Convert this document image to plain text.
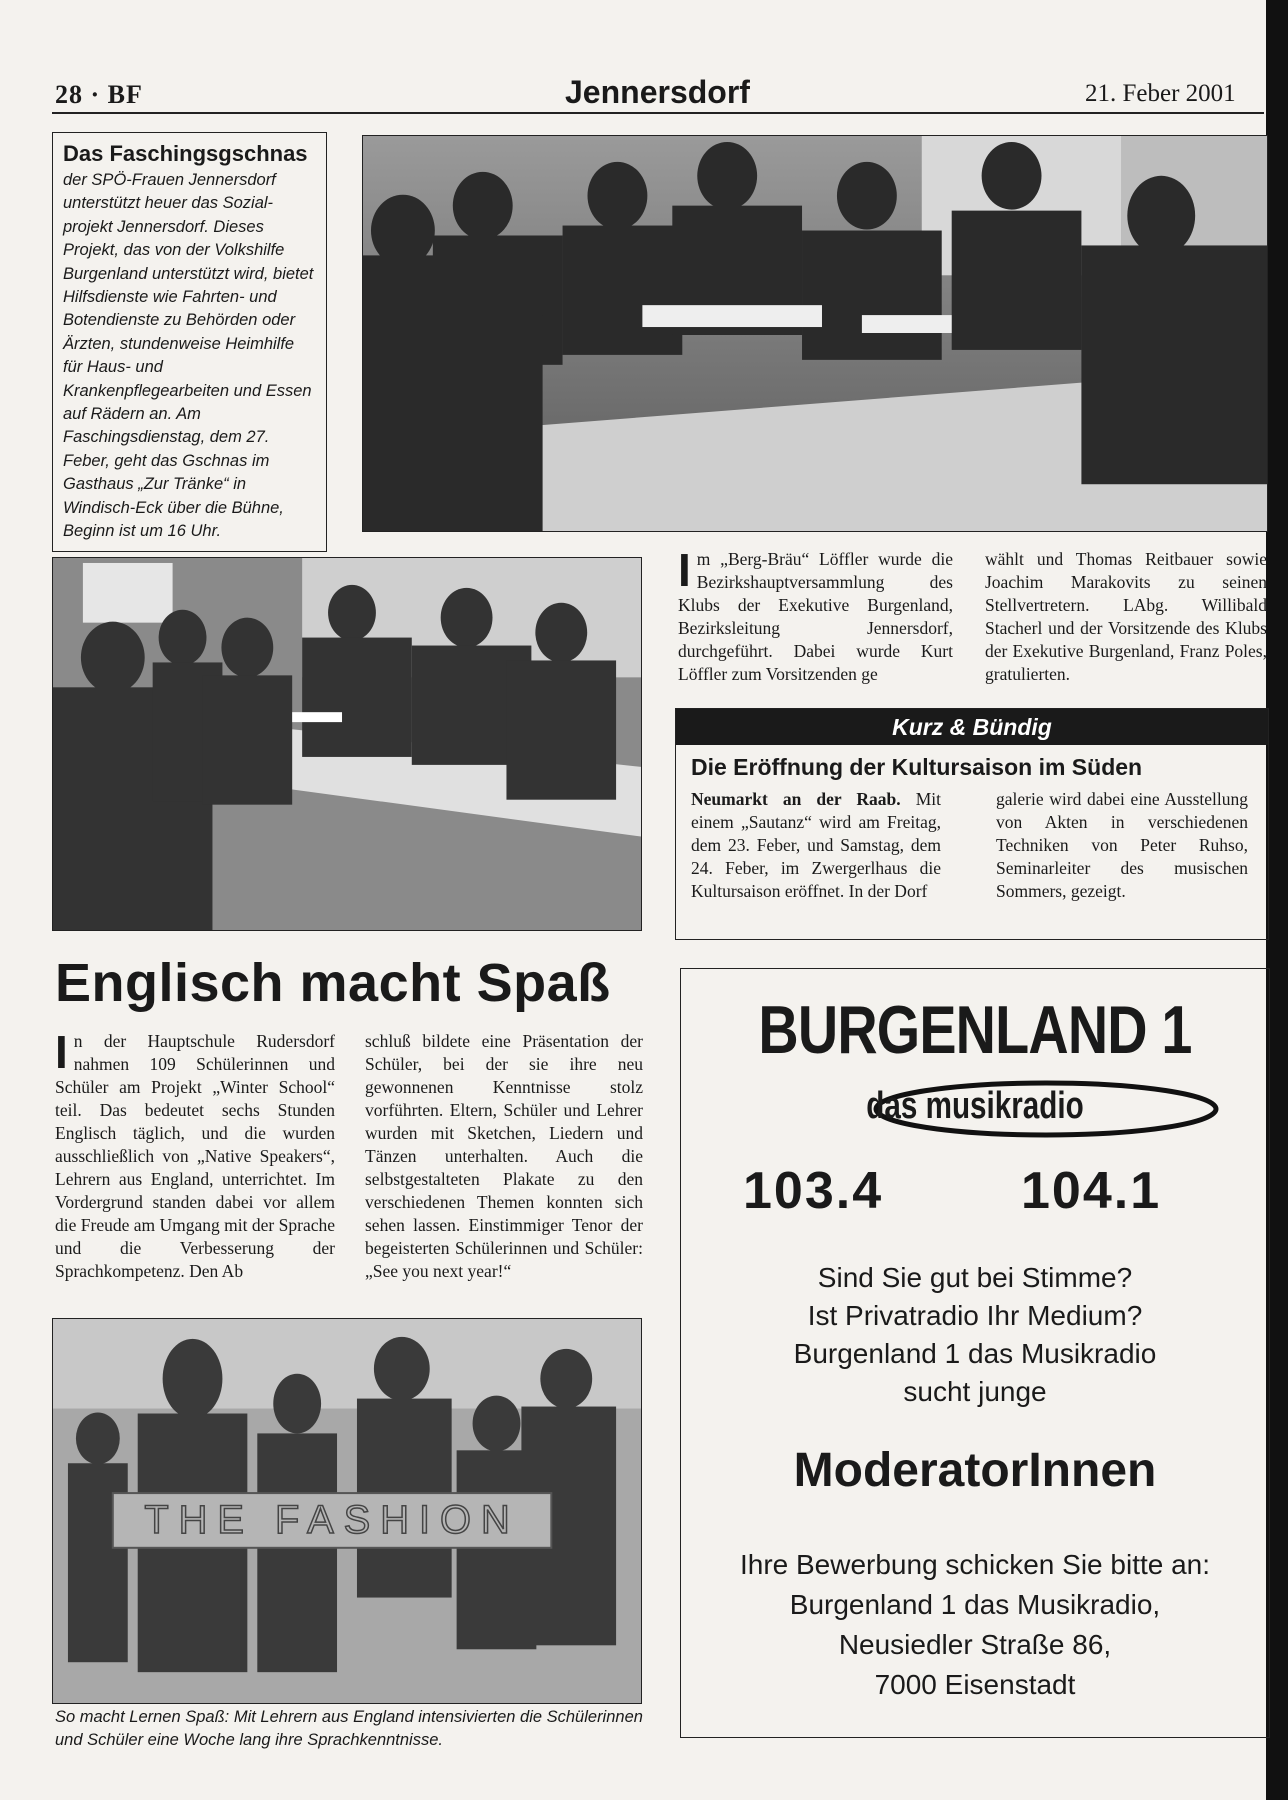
28 · BF	Jennersdorf	21. Feber 2001
Das Faschingsgschnas

der SPÖ-Frauen Jennersdorf unterstützt heuer das Sozialprojekt Jennersdorf. Dieses Projekt, das von der Volkshilfe Burgenland unterstützt wird, bietet Hilfsdienste wie Fahrten- und Botendienste zu Behörden oder Ärzten, stundenweise Heimhilfe für Haus- und Krankenpflegearbeiten und Essen auf Rädern an. Am Faschingsdienstag, dem 27. Feber, geht das Gschnas im Gasthaus „Zur Tränke“ in Windisch-Eck über die Bühne, Beginn ist um 16 Uhr.

Im „Berg-Bräu“ Löffler wurde die Bezirkshauptversammlung des Klubs der Exekutive Burgenland, Bezirksleitung Jennersdorf, durchgeführt. Dabei wurde Kurt Löffler zum Vorsitzenden ge
wählt und Thomas Reitbauer sowie Joachim Marakovits zu seinen Stellvertretern. LAbg. Willibald Stacherl und der Vorsitzende des Klubs der Exekutive Burgenland, Franz Poles, gratulierten.
Kurz & Bündig
Die Eröffnung der Kultursaison im Süden
Neumarkt an der Raab. Mit einem „Sautanz“ wird am Freitag, dem 23. Feber, und Samstag, dem 24. Feber, im Zwergerlhaus die Kultursaison eröffnet. In der Dorf
galerie wird dabei eine Ausstellung von Akten in verschiedenen Techniken von Peter Ruhso, Seminarleiter des musischen Sommers, gezeigt.
Englisch macht Spaß
In der Hauptschule Rudersdorf nahmen 109 Schülerinnen und Schüler am Projekt „Winter School“ teil. Das bedeutet sechs Stunden Englisch täglich, und die wurden ausschließlich von „Native Speakers“, Lehrern aus England, unterrichtet. Im Vordergrund standen dabei vor allem die Freude am Umgang mit der Sprache und die Verbesserung der Sprachkompetenz. Den Ab
schluß bildete eine Präsentation der Schüler, bei der sie ihre neu gewonnenen Kenntnisse stolz vorführten. Eltern, Schüler und Lehrer wurden mit Sketchen, Liedern und Tänzen unterhalten. Auch die selbstgestalteten Plakate zu den verschiedenen Themen konnten sich sehen lassen. Einstimmiger Tenor der begeisterten Schülerinnen und Schüler: „See you next year!“
THE FASHION
So macht Lernen Spaß: Mit Lehrern aus England intensivierten die Schülerinnen und Schüler eine Woche lang ihre Sprachkenntnisse.
BURGENLAND 1
das musikradio
103.4	104.1
Sind Sie gut bei Stimme?
Ist Privatradio Ihr Medium?
Burgenland 1 das Musikradio
sucht junge
ModeratorInnen
Ihre Bewerbung schicken Sie bitte an:
Burgenland 1 das Musikradio,
Neusiedler Straße 86,
7000 Eisenstadt
